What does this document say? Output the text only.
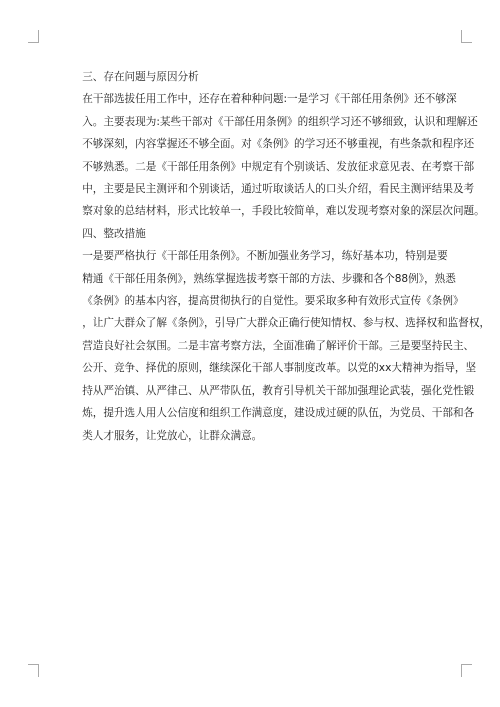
三、存在问题与原因分析

在干部选拔任用工作中，还存在着种种问题:一是学习《干部任用条例》还不够深
入。主要表现为:某些干部对《干部任用条例》的组织学习还不够细致，认识和理解还
不够深刻，内容掌握还不够全面。对《条例》的学习还不够重视，有些条款和程序还
不够熟悉。二是《干部任用条例》中规定有个别谈话、发放征求意见表、在考察干部
中，主要是民主测评和个别谈话，通过听取谈话人的口头介绍，看民主测评结果及考
察对象的总结材料，形式比较单一，手段比较简单，难以发现考察对象的深层次问题。

四、整改措施

一是要严格执行《干部任用条例》。不断加强业务学习，练好基本功，特别是要
精通《干部任用条例》，熟练掌握选拔考察干部的方法、步骤和各个88例》，熟悉
《条例》的基本内容，提高贯彻执行的自觉性。要采取多种有效形式宣传《条例》
，让广大群众了解《条例》，引导广大群众正确行使知情权、参与权、选择权和监督权，
营造良好社会氛围。二是丰富考察方法，全面准确了解评价干部。三是要坚持民主、
公开、竞争、择优的原则，继续深化干部人事制度改革。以党的xx大精神为指导，坚
持从严治镇、从严律己、从严带队伍，教育引导机关干部加强理论武装，强化党性锻
炼，提升选人用人公信度和组织工作满意度，建设成过硬的队伍，为党员、干部和各
类人才服务，让党放心，让群众满意。
